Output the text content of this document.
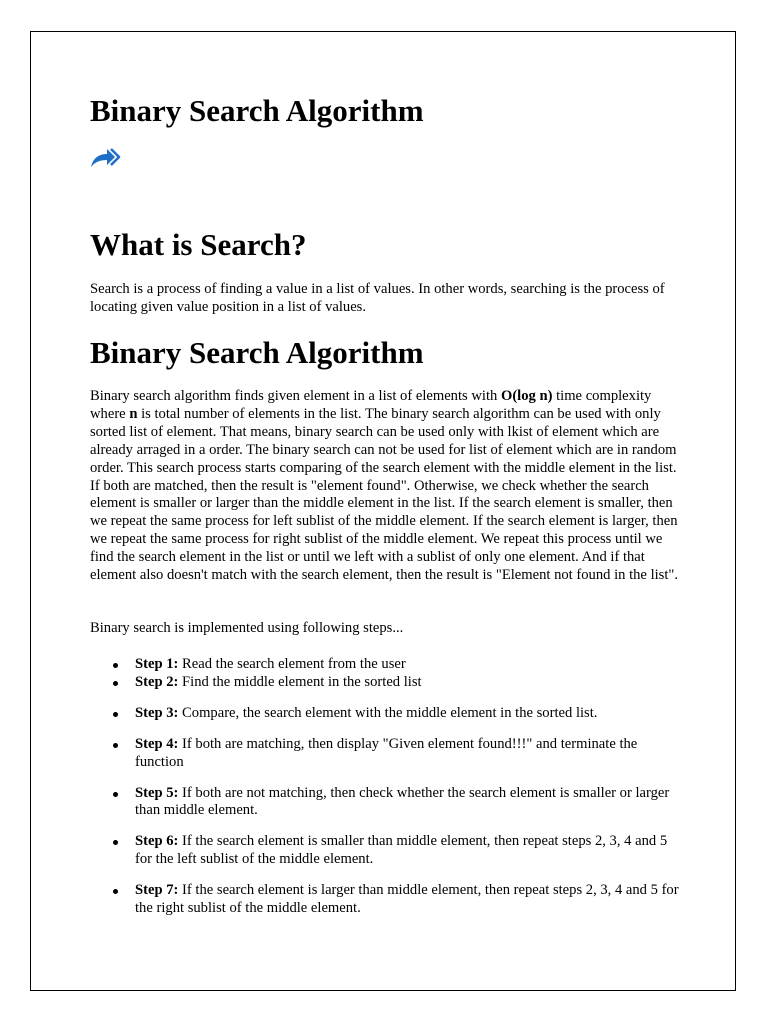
Binary Search Algorithm
What is Search?

Search is a process of finding a value in a list of values. In other words, searching is the process of locating given value position in a list of values.

Binary Search Algorithm

Binary search algorithm finds given element in a list of elements with O(log n) time complexity where n is total number of elements in the list. The binary search algorithm can be used with only sorted list of element. That means, binary search can be used only with lkist of element which are already arraged in a order. The binary search can not be used for list of element which are in random order. This search process starts comparing of the search element with the middle element in the list. If both are matched, then the result is "element found". Otherwise, we check whether the search element is smaller or larger than the middle element in the list. If the search element is smaller, then we repeat the same process for left sublist of the middle element. If the search element is larger, then we repeat the same process for right sublist of the middle element. We repeat this process until we find the search element in the list or until we left with a sublist of only one element. And if that element also doesn't match with the search element, then the result is "Element not found in the list".

Binary search is implemented using following steps...

Step 1: Read the search element from the user
Step 2: Find the middle element in the sorted list
Step 3: Compare, the search element with the middle element in the sorted list.
Step 4: If both are matching, then display "Given element found!!!" and terminate the function
Step 5: If both are not matching, then check whether the search element is smaller or larger than middle element.
Step 6: If the search element is smaller than middle element, then repeat steps 2, 3, 4 and 5 for the left sublist of the middle element.
Step 7: If the search element is larger than middle element, then repeat steps 2, 3, 4 and 5 for the right sublist of the middle element.
